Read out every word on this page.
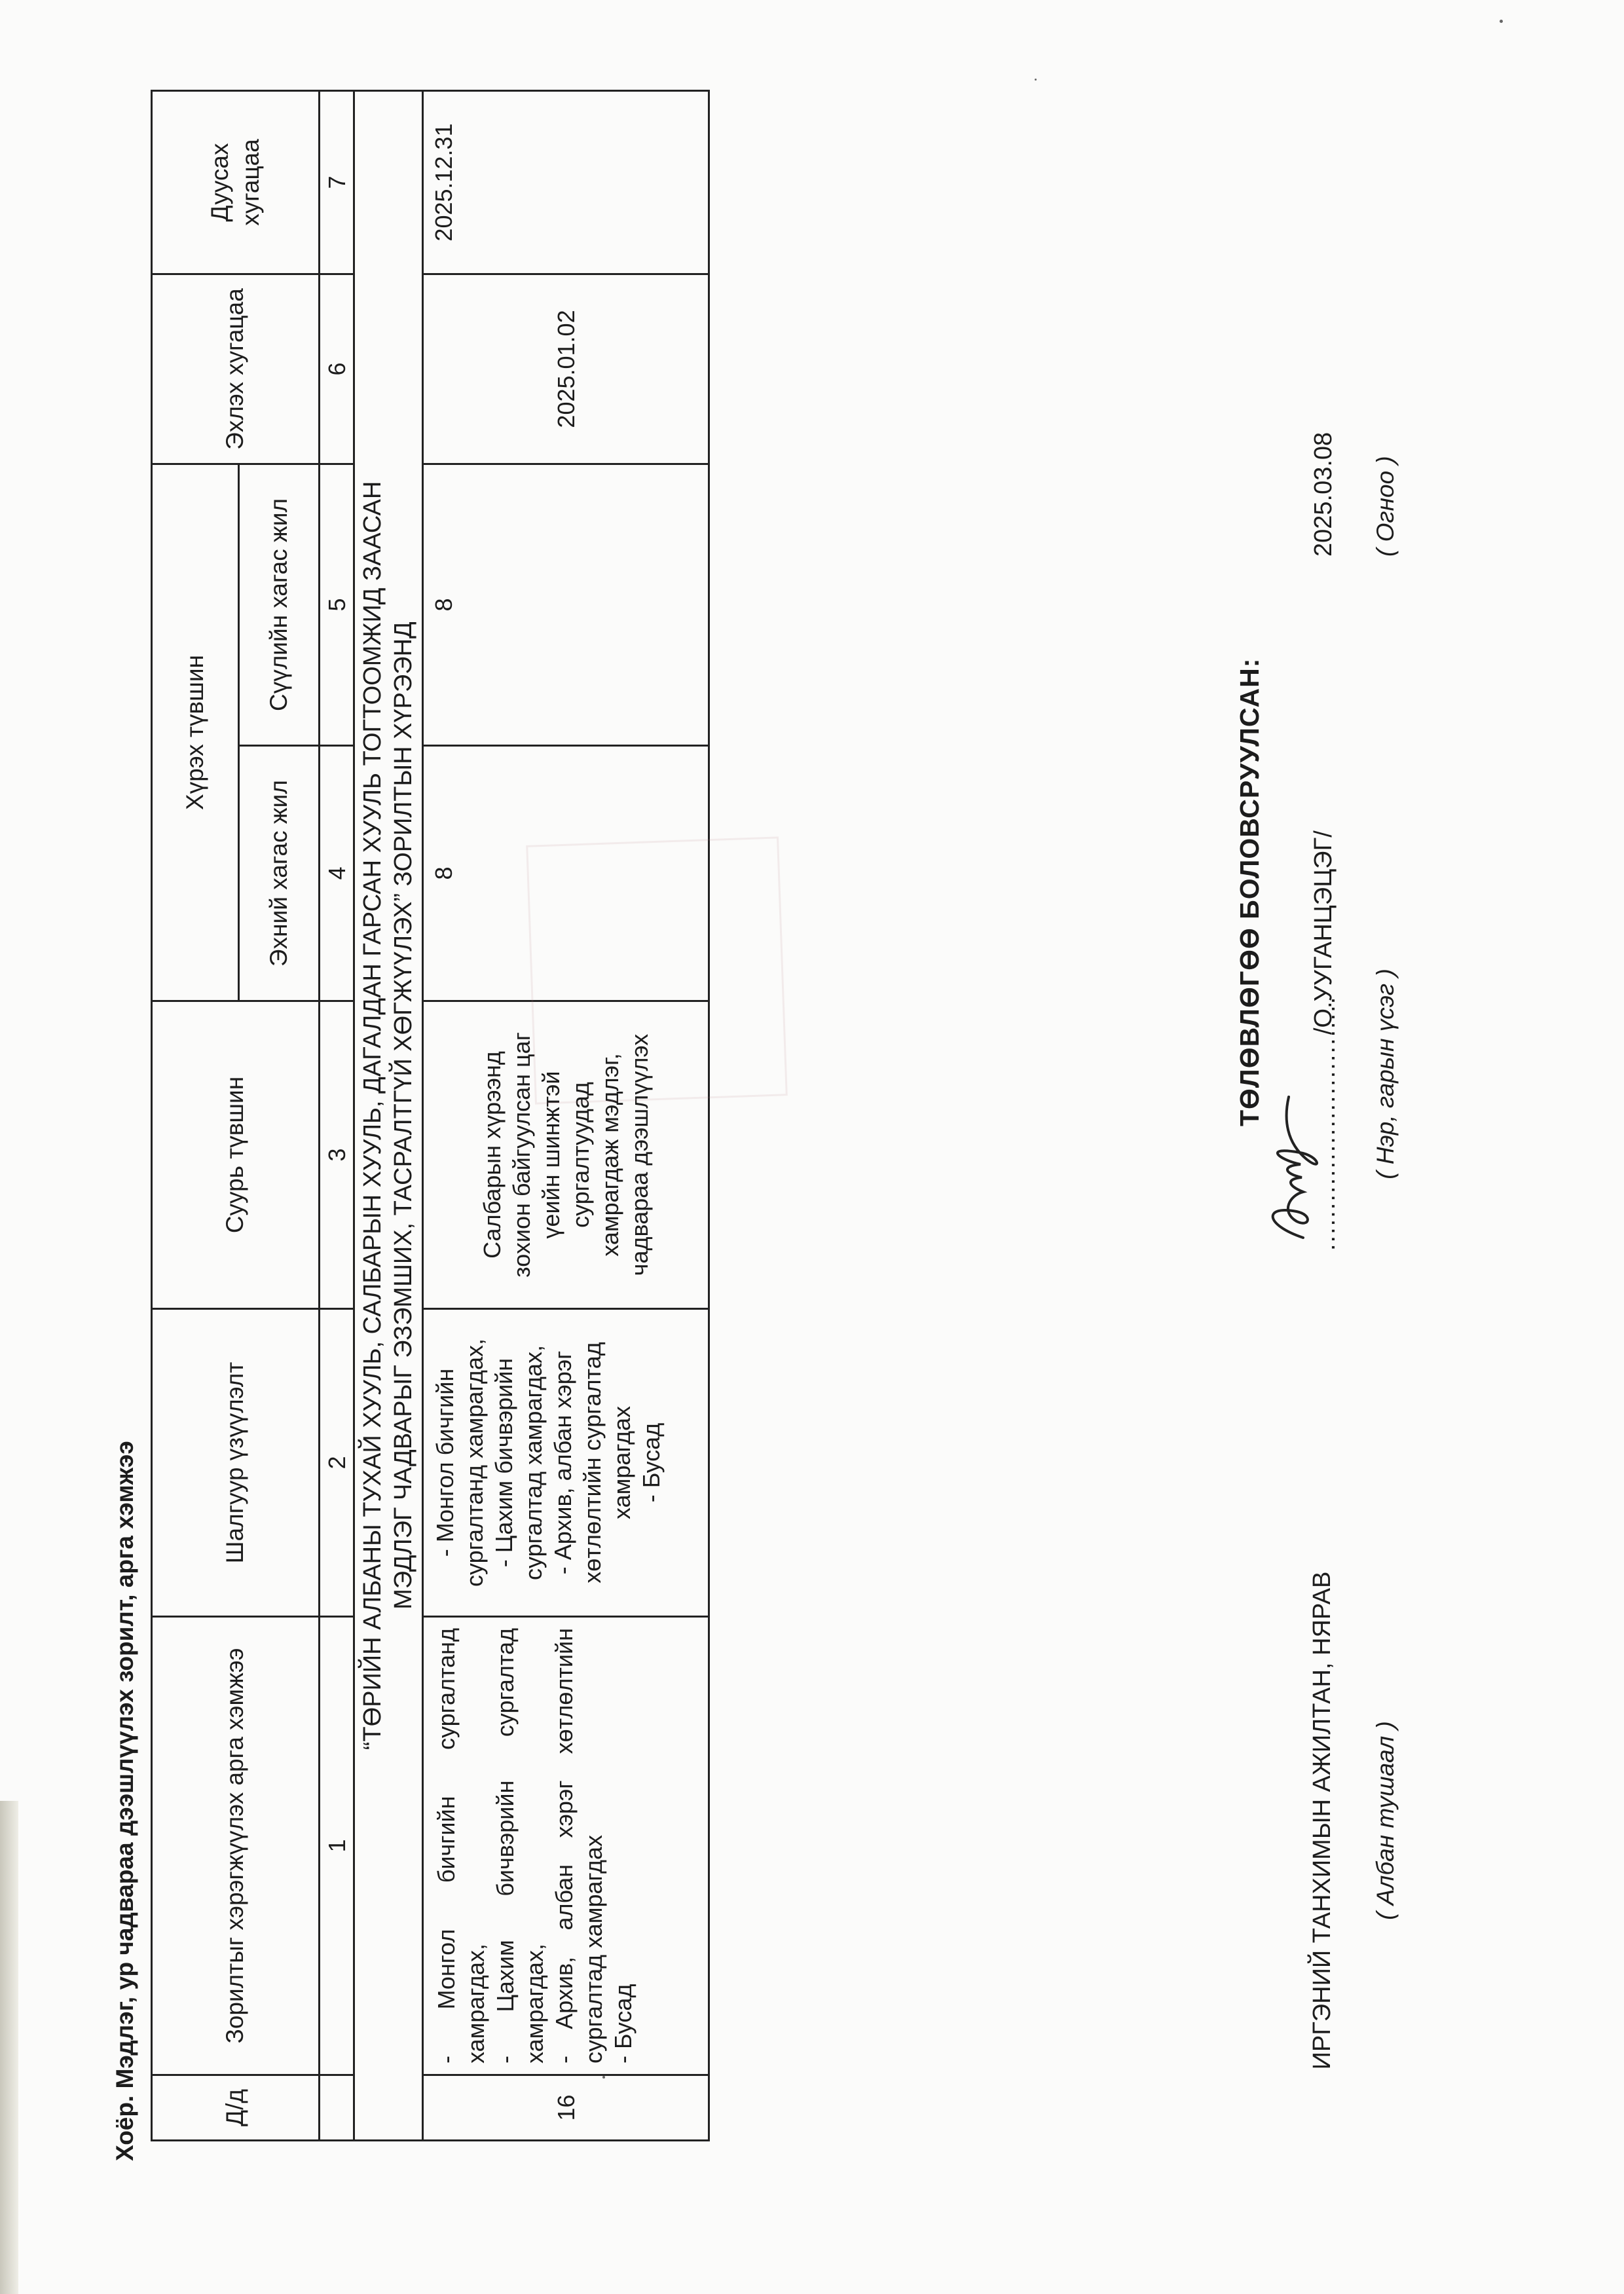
Хоёр. Мэдлэг, ур чадвараа дээшлүүлэх зорилт, арга хэмжээ	Д/д	Зорилтыг хэрэгжүүлэх арга хэмжээ	Шалгуур үзүүлэлт	Суурь түвшин	Хүрэх түвшин		Эхлэх хугацаа	Дуусах хугацаа
				Эхний хагас жил	Сүүлийн хагас жил		
	1	2	3	4	5	6	7

“ТӨРИЙН АЛБАНЫ ТУХАЙ ХУУЛЬ, САЛБАРЫН ХУУЛЬ, ДАГАЛДАН ГАРСАН ХУУЛЬ ТОГТООМЖИД ЗААСАН МЭДЛЭГ ЧАДВАРЫГ ЭЗЭМШИХ, ТАСРАЛТГҮЙ ХӨГЖҮҮЛЭХ” ЗОРИЛТЫН ХҮРЭЭНД							

16	- Монгол бичгийн сургалтанд хамрагдах, - Цахим бичвэрийн сургалтад хамрагдах, - Архив, албан хэрэг хөтлөлтийн сургалтад хамрагдах - Бусад	- Монгол бичгийн сургалтанд хамрагдах, - Цахим бичвэрийн сургалтад хамрагдах, - Архив, албан хэрэг хөтлөлтийн сургалтад хамрагдах - Бусад	Салбарын хүрээнд зохион байгуулсан цаг үеийн шинжтэй сургалтуудад хамрагдаж мэдлэг, чадвараа дээшлүүлэх	8	8	2025.01.02	2025.12.31
ТӨЛӨВЛӨГӨӨ БОЛОВСРУУЛСАН:
ИРГЭНИЙ ТАНХИМЫН АЖИЛТАН, НЯРАВ ( Албан тушаал )
...............................
/О.УУГАНЦЭЦЭГ/
( Нэр, гарын үсэг )
2025.03.08 ( Огноо )
